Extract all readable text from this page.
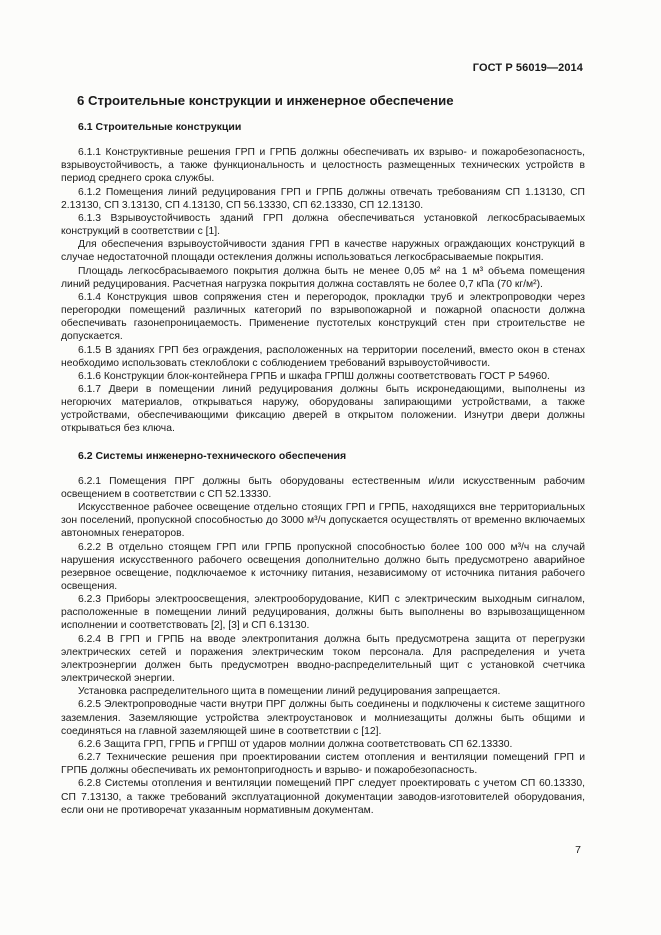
ГОСТ Р 56019—2014
6 Строительные конструкции и инженерное обеспечение

6.1 Строительные конструкции

6.1.1 Конструктивные решения ГРП и ГРПБ должны обеспечивать их взрыво- и пожаробезопасность, взрывоустойчивость, а также функциональность и целостность размещенных технических устройств в период среднего срока службы.

6.1.2 Помещения линий редуцирования ГРП и ГРПБ должны отвечать требованиям СП 1.13130, СП 2.13130, СП 3.13130, СП 4.13130, СП 56.13330, СП 62.13330, СП 12.13130.

6.1.3 Взрывоустойчивость зданий ГРП должна обеспечиваться установкой легкосбрасываемых конструкций в соответствии с [1].

Для обеспечения взрывоустойчивости здания ГРП в качестве наружных ограждающих конструкций в случае недостаточной площади остекления должны использоваться легкосбрасываемые покрытия.

Площадь легкосбрасываемого покрытия должна быть не менее 0,05 м² на 1 м³ объема помещения линий редуцирования. Расчетная нагрузка покрытия должна составлять не более 0,7 кПа (70 кг/м²).

6.1.4 Конструкция швов сопряжения стен и перегородок, прокладки труб и электропроводки через перегородки помещений различных категорий по взрывопожарной и пожарной опасности должна обеспечивать газонепроницаемость. Применение пустотелых конструкций стен при строительстве не допускается.

6.1.5 В зданиях ГРП без ограждения, расположенных на территории поселений, вместо окон в стенах необходимо использовать стеклоблоки с соблюдением требований взрывоустойчивости.

6.1.6 Конструкции блок-контейнера ГРПБ и шкафа ГРПШ должны соответствовать ГОСТ Р 54960.

6.1.7 Двери в помещении линий редуцирования должны быть искронедающими, выполнены из негорючих материалов, открываться наружу, оборудованы запирающими устройствами, а также устройствами, обеспечивающими фиксацию дверей в открытом положении. Изнутри двери должны открываться без ключа.

6.2 Системы инженерно-технического обеспечения

6.2.1 Помещения ПРГ должны быть оборудованы естественным и/или искусственным рабочим освещением в соответствии с СП 52.13330.

Искусственное рабочее освещение отдельно стоящих ГРП и ГРПБ, находящихся вне территориальных зон поселений, пропускной способностью до 3000 м³/ч допускается осуществлять от временно включаемых автономных генераторов.

6.2.2 В отдельно стоящем ГРП или ГРПБ пропускной способностью более 100 000 м³/ч на случай нарушения искусственного рабочего освещения дополнительно должно быть предусмотрено аварийное резервное освещение, подключаемое к источнику питания, независимому от источника питания рабочего освещения.

6.2.3 Приборы электроосвещения, электрооборудование, КИП с электрическим выходным сигналом, расположенные в помещении линий редуцирования, должны быть выполнены во взрывозащищенном исполнении и соответствовать [2], [3] и СП 6.13130.

6.2.4 В ГРП и ГРПБ на вводе электропитания должна быть предусмотрена защита от перегрузки электрических сетей и поражения электрическим током персонала. Для распределения и учета электроэнергии должен быть предусмотрен вводно-распределительный щит с установкой счетчика электрической энергии.

Установка распределительного щита в помещении линий редуцирования запрещается.

6.2.5 Электропроводные части внутри ПРГ должны быть соединены и подключены к системе защитного заземления. Заземляющие устройства электроустановок и молниезащиты должны быть общими и соединяться на главной заземляющей шине в соответствии с [12].

6.2.6 Защита ГРП, ГРПБ и ГРПШ от ударов молнии должна соответствовать СП 62.13330.

6.2.7 Технические решения при проектировании систем отопления и вентиляции помещений ГРП и ГРПБ должны обеспечивать их ремонтопригодность и взрыво- и пожаробезопасность.

6.2.8 Системы отопления и вентиляции помещений ПРГ следует проектировать с учетом СП 60.13330, СП 7.13130, а также требований эксплуатационной документации заводов-изготовителей оборудования, если они не противоречат указанным нормативным документам.

7
